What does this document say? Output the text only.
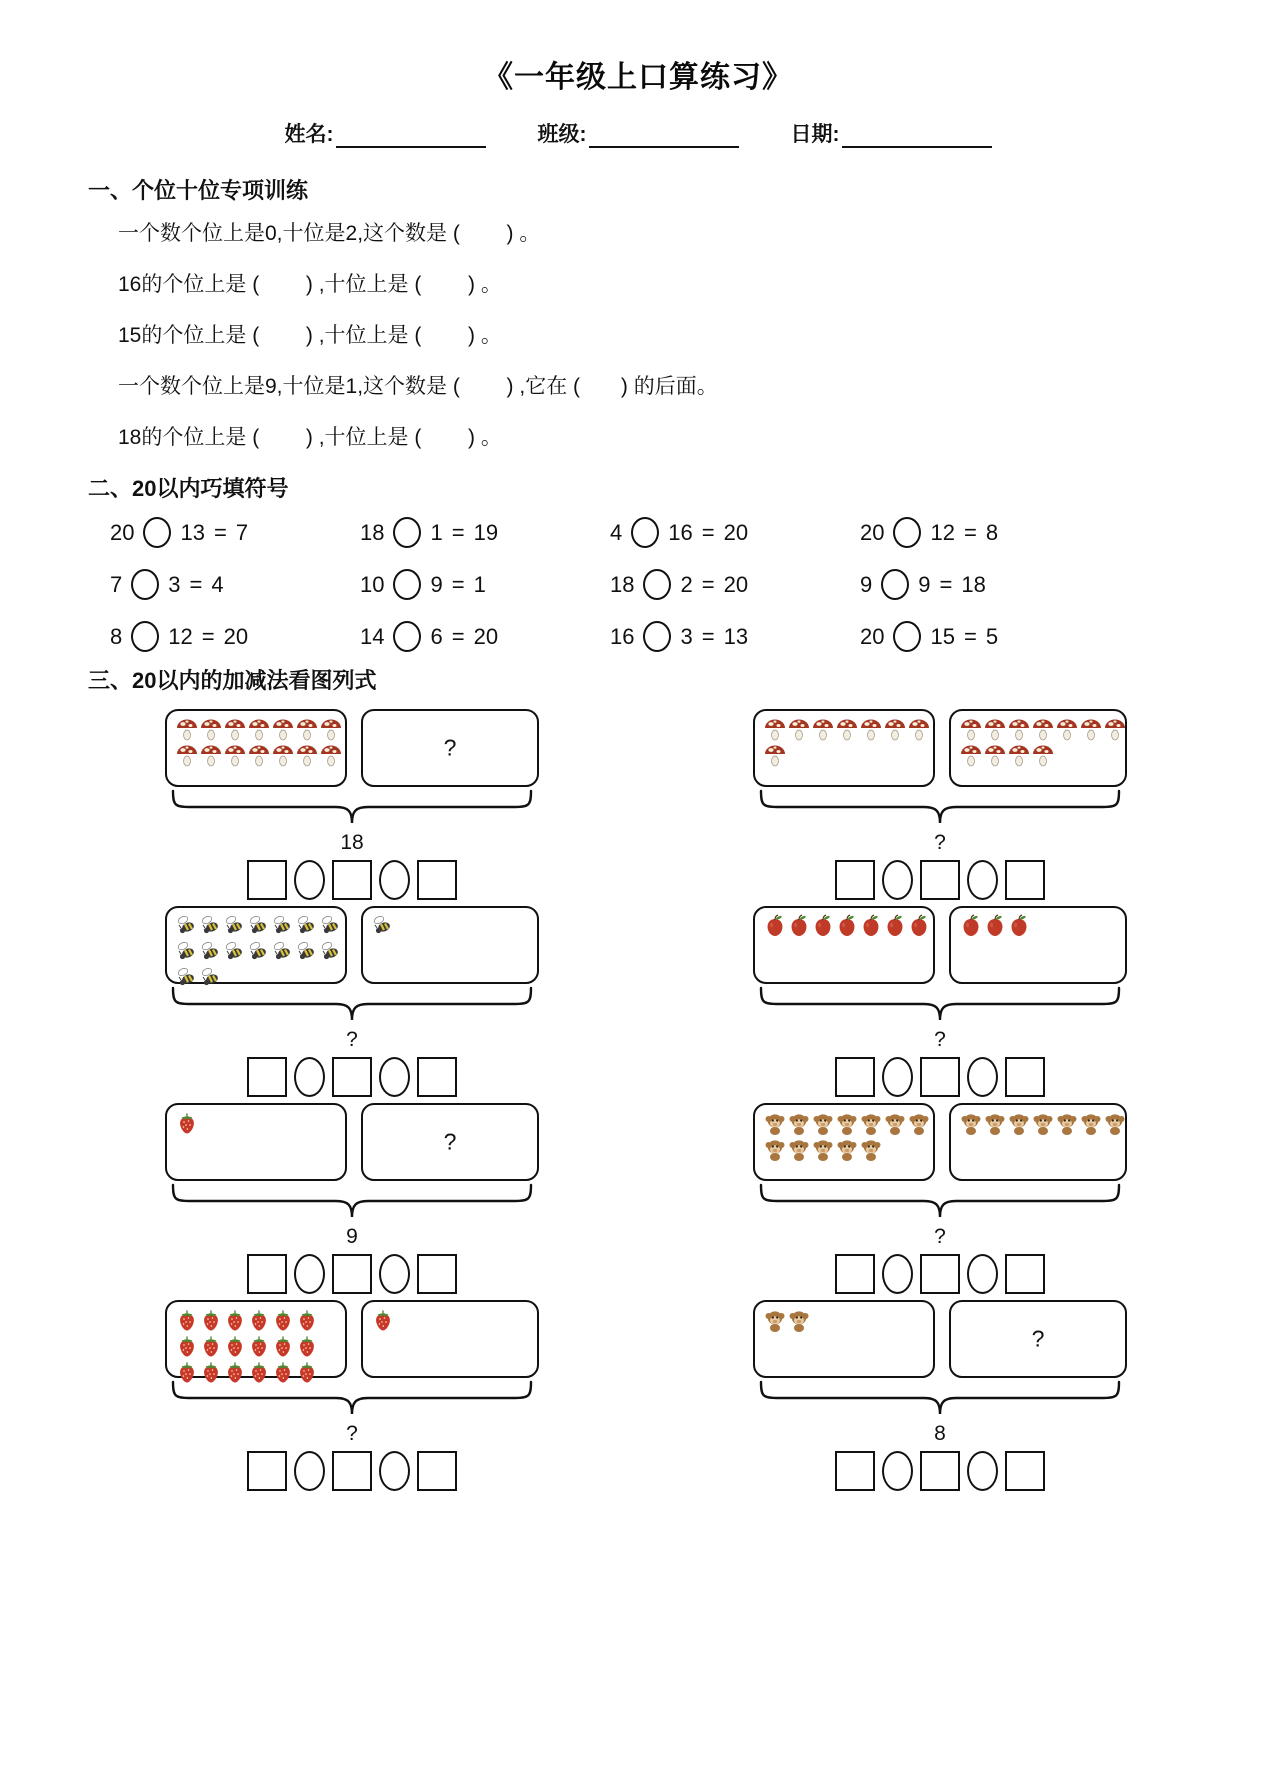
《一年级上口算练习》
姓名:	班级:	日期:
一、个位十位专项训练
一个数个位上是0,十位是2,这个数是 (        ) 。
16的个位上是 (        ) ,十位上是 (        ) 。
15的个位上是 (        ) ,十位上是 (        ) 。
一个数个位上是9,十位是1,这个数是 (        ) ,它在 (       ) 的后面。
18的个位上是 (        ) ,十位上是 (        ) 。
二、20以内巧填符号
20 13 = 7	18 1 = 19	4 16 = 20	20 12 = 8
7 3 = 4	10 9 = 1	18 2 = 20	9 9 = 18
8 12 = 20	14 6 = 20	16 3 = 13	20 15 = 5
三、20以内的加减法看图列式
?
18	?
?	?
?
9	?
?
?
8
